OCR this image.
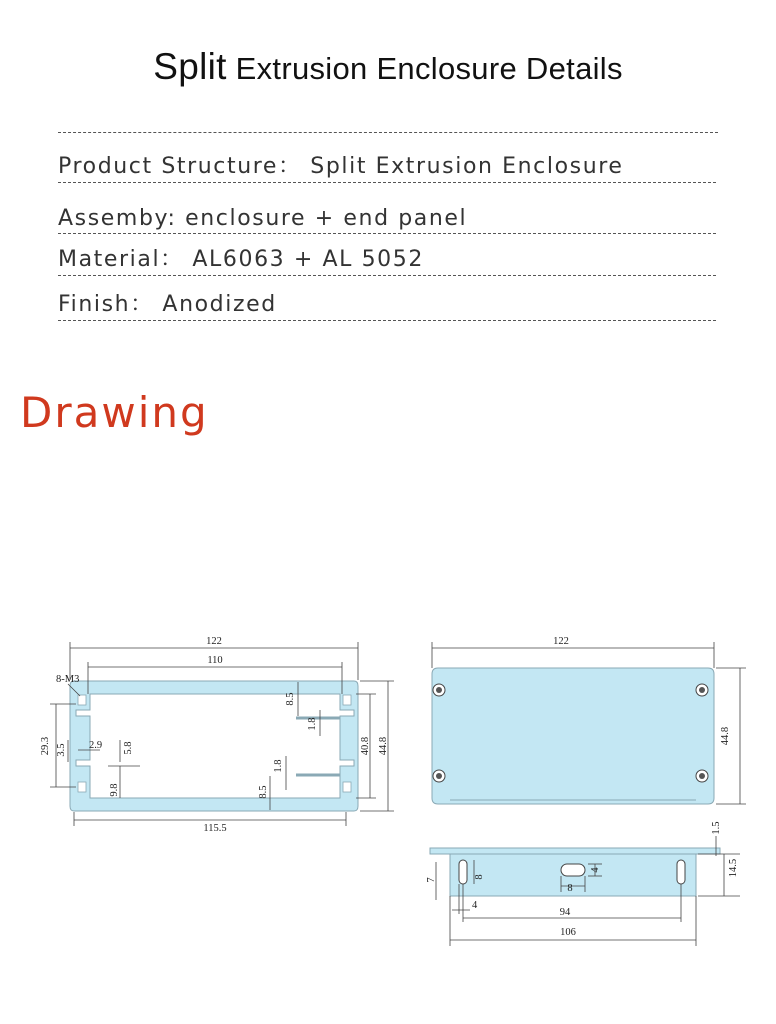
Split Extrusion Enclosure Details
Product Structure： Split Extrusion Enclosure
Assemby: enclosure + end panel
Material： AL6063 + AL 5052
Finish： Anodized
Drawing
122
110
115.5
8-M3
29.3 3.5 2.9 5.8
9.8
8.5
1.8
8.5
1.8
40.8 44.8
122
44.8
1.5
14.5
7
8
4
8
4
94
106
